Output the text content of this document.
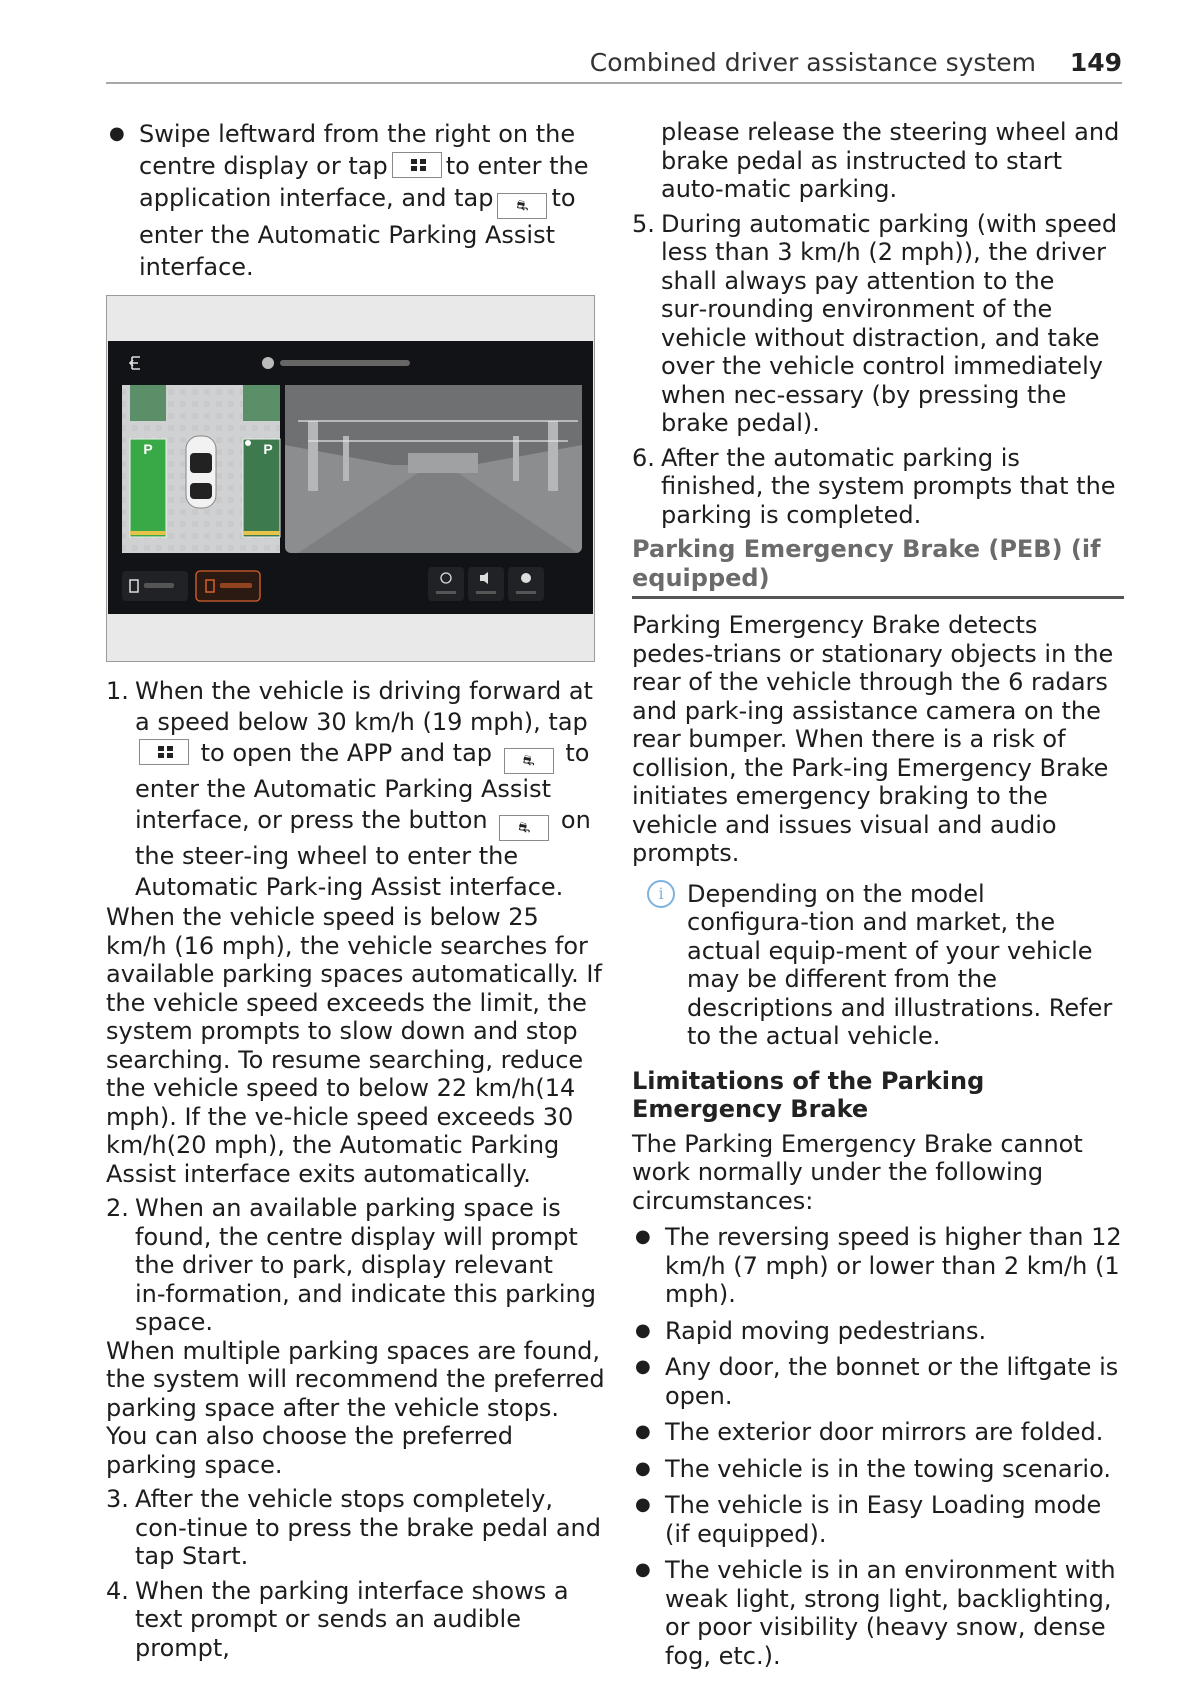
Combined driver assistance system 149
● Swipe leftward from the right on the
centre display or tap to enter the
application interface, and tap ⛐ to
enter the Automatic Parking Assist interface.
P	P
1. When the vehicle is driving forward at a speed below 30 km/h (19 mph), tap  to open the APP and tap ⛐ to enter the Automatic Parking Assist interface, or press the button ⛐ on the steer‑ing wheel to enter the Automatic Park‑ing Assist interface.

When the vehicle speed is below 25 km/h (16 mph), the vehicle searches for available parking spaces automatically. If the vehicle speed exceeds the limit, the system prompts to slow down and stop searching. To resume searching, reduce the vehicle speed to below 22 km/h(14 mph). If the ve‑hicle speed exceeds 30 km/h(20 mph), the Automatic Parking Assist interface exits automatically.

2. When an available parking space is found, the centre display will prompt the driver to park, display relevant in‑formation, and indicate this parking space.

When multiple parking spaces are found, the system will recommend the preferred parking space after the vehicle stops. You can also choose the preferred parking space.

3. After the vehicle stops completely, con‑tinue to press the brake pedal and tap Start.
4. When the parking interface shows a text prompt or sends an audible prompt,

please release the steering wheel and brake pedal as instructed to start auto‑matic parking.

5. During automatic parking (with speed less than 3 km/h (2 mph)), the driver shall always pay attention to the sur‑rounding environment of the vehicle without distraction, and take over the vehicle control immediately when nec‑essary (by pressing the brake pedal).
6. After the automatic parking is finished, the system prompts that the parking is completed.
Parking Emergency Brake (PEB) (if equipped)

Parking Emergency Brake detects pedes‑trians or stationary objects in the rear of the vehicle through the 6 radars and park‑ing assistance camera on the rear bumper. When there is a risk of collision, the Park‑ing Emergency Brake initiates emergency braking to the vehicle and issues visual and audio prompts.

i Depending on the model configura‑tion and market, the actual equip‑ment of your vehicle may be different from the descriptions and illustrations. Refer to the actual vehicle.
Limitations of the Parking Emergency Brake

The Parking Emergency Brake cannot work normally under the following circumstances:

● The reversing speed is higher than 12 km/h (7 mph) or lower than 2 km/h (1 mph).
● Rapid moving pedestrians.
● Any door, the bonnet or the liftgate is open.
● The exterior door mirrors are folded.
● The vehicle is in the towing scenario.
● The vehicle is in Easy Loading mode (if equipped).
● The vehicle is in an environment with weak light, strong light, backlighting, or poor visibility (heavy snow, dense fog, etc.).
